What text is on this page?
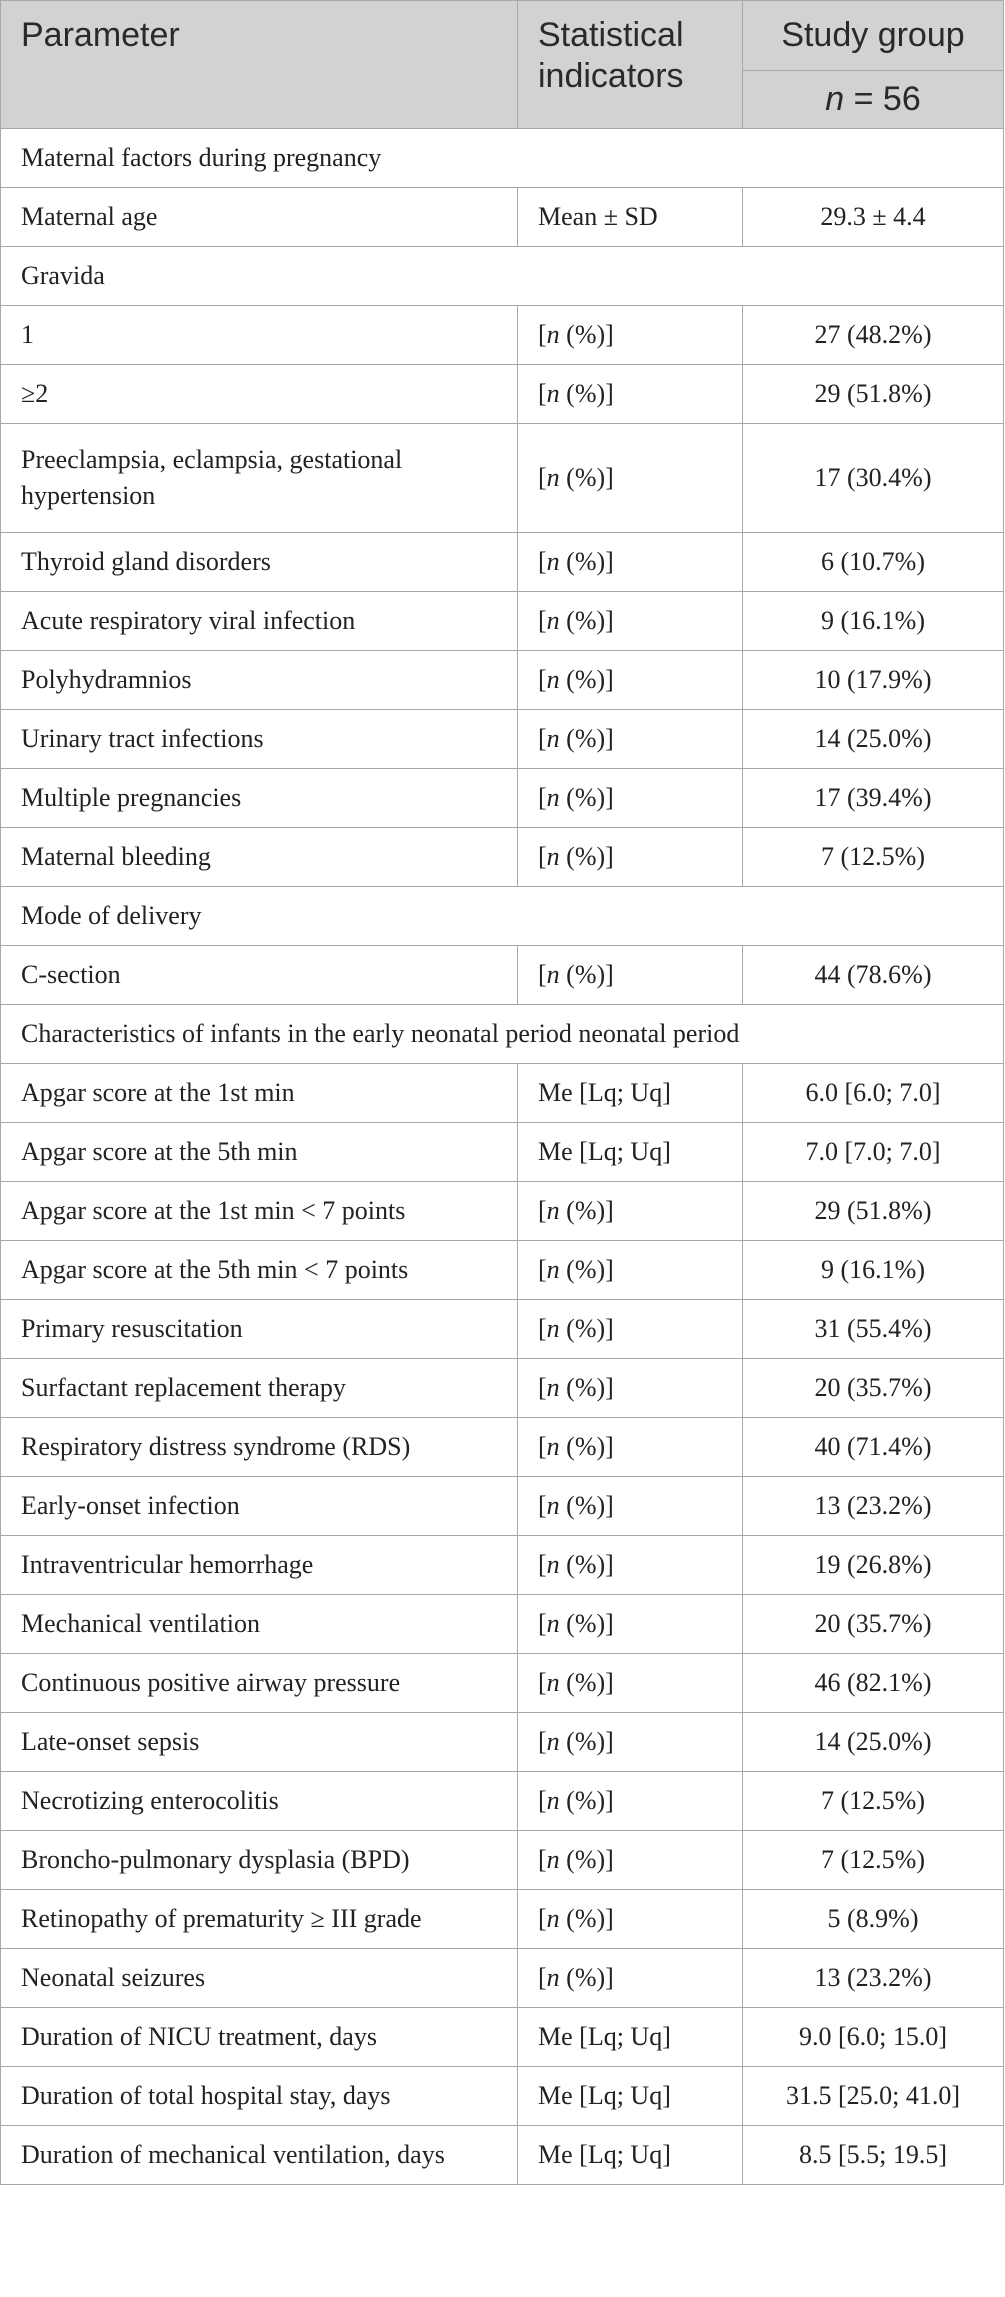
Parameter	Statistical indicators	Study group
		n = 56
Maternal factors during pregnancy		
Maternal age	Mean ± SD	29.3 ± 4.4
Gravida		
1	[n (%)]	27 (48.2%)
≥2	[n (%)]	29 (51.8%)
Preeclampsia, eclampsia, gestational hypertension	[n (%)]	17 (30.4%)
Thyroid gland disorders	[n (%)]	6 (10.7%)
Acute respiratory viral infection	[n (%)]	9 (16.1%)
Polyhydramnios	[n (%)]	10 (17.9%)
Urinary tract infections	[n (%)]	14 (25.0%)
Multiple pregnancies	[n (%)]	17 (39.4%)
Maternal bleeding	[n (%)]	7 (12.5%)
Mode of delivery		
C-section	[n (%)]	44 (78.6%)
Characteristics of infants in the early neonatal period neonatal period		
Apgar score at the 1st min	Me [Lq; Uq]	6.0 [6.0; 7.0]
Apgar score at the 5th min	Me [Lq; Uq]	7.0 [7.0; 7.0]
Apgar score at the 1st min < 7 points	[n (%)]	29 (51.8%)
Apgar score at the 5th min < 7 points	[n (%)]	9 (16.1%)
Primary resuscitation	[n (%)]	31 (55.4%)
Surfactant replacement therapy	[n (%)]	20 (35.7%)
Respiratory distress syndrome (RDS)	[n (%)]	40 (71.4%)
Early-onset infection	[n (%)]	13 (23.2%)
Intraventricular hemorrhage	[n (%)]	19 (26.8%)
Mechanical ventilation	[n (%)]	20 (35.7%)
Continuous positive airway pressure	[n (%)]	46 (82.1%)
Late-onset sepsis	[n (%)]	14 (25.0%)
Necrotizing enterocolitis	[n (%)]	7 (12.5%)
Broncho-pulmonary dysplasia (BPD)	[n (%)]	7 (12.5%)
Retinopathy of prematurity ≥ III grade	[n (%)]	5 (8.9%)
Neonatal seizures	[n (%)]	13 (23.2%)
Duration of NICU treatment, days	Me [Lq; Uq]	9.0 [6.0; 15.0]
Duration of total hospital stay, days	Me [Lq; Uq]	31.5 [25.0; 41.0]
Duration of mechanical ventilation, days	Me [Lq; Uq]	8.5 [5.5; 19.5]
